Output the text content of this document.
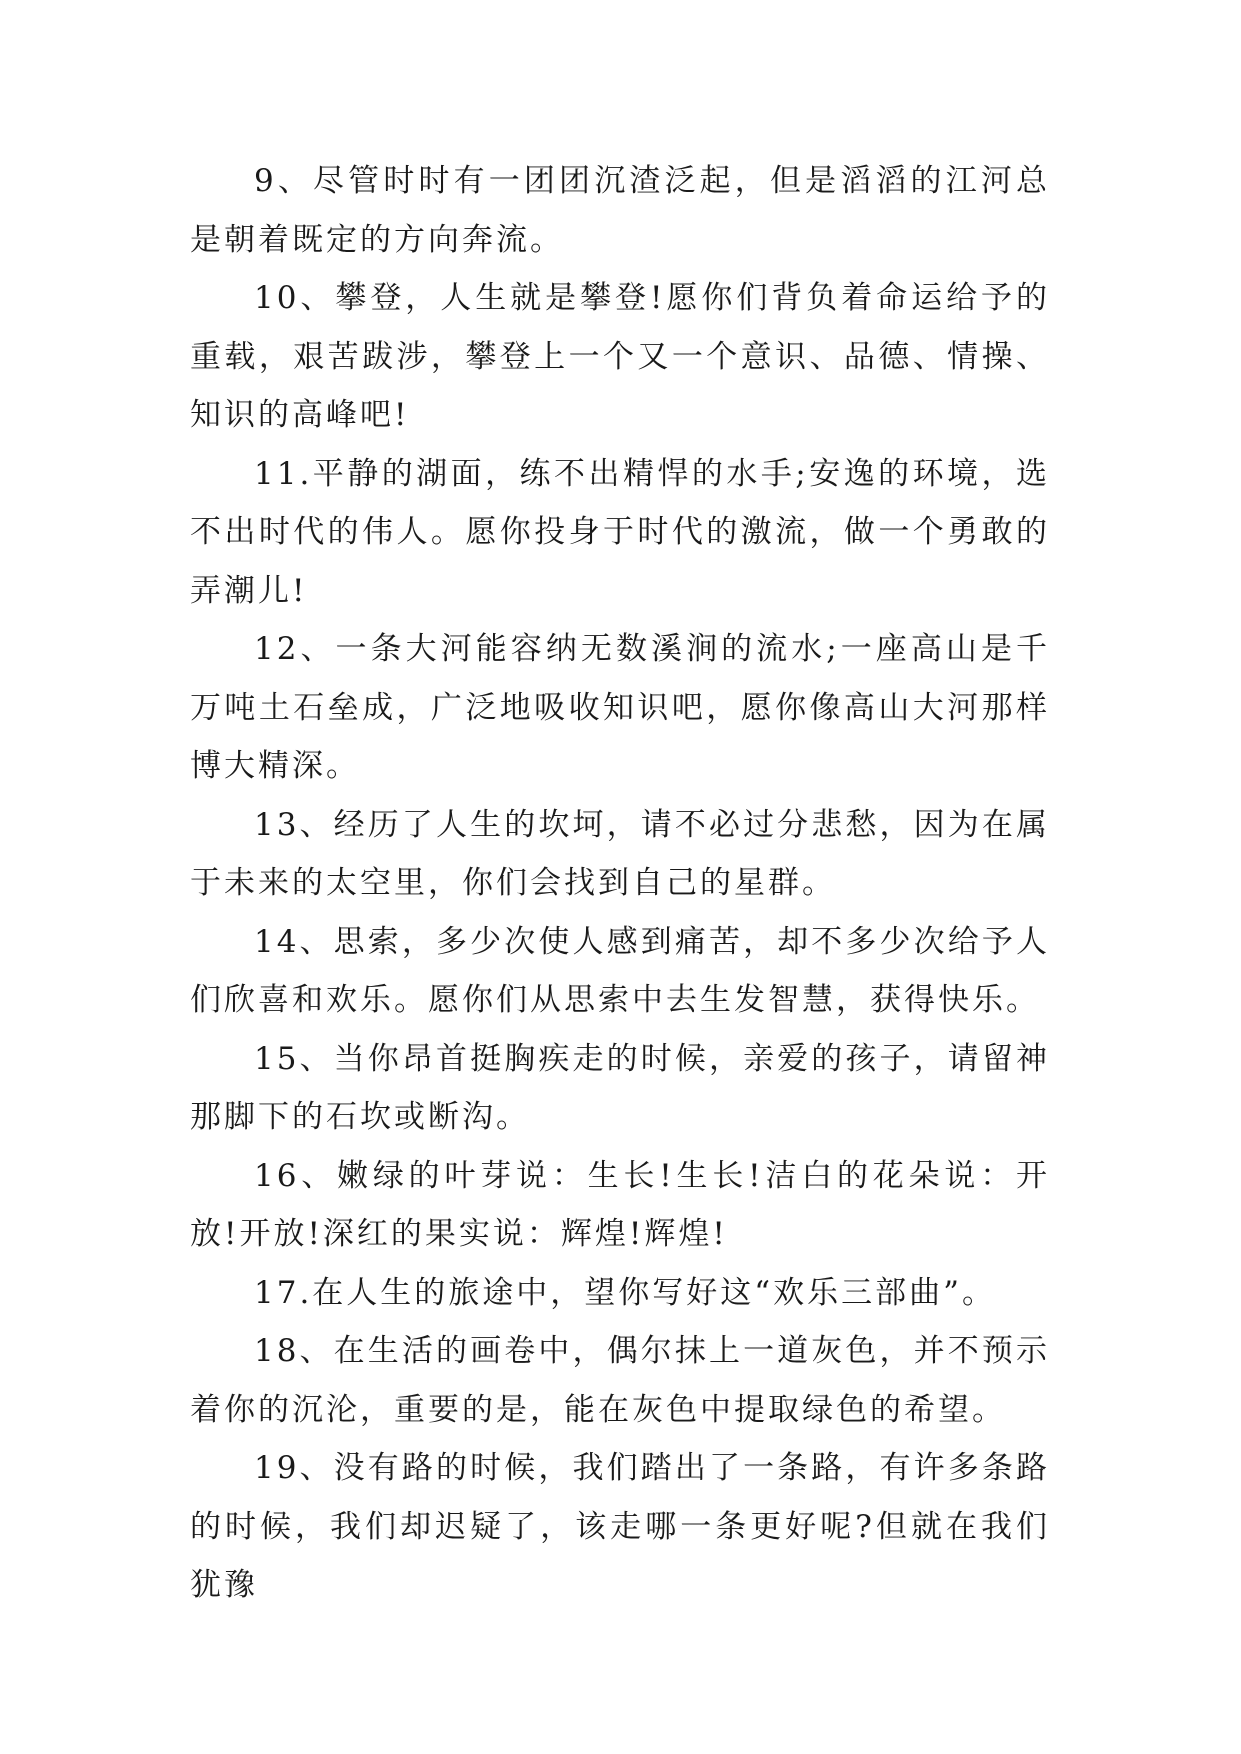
9、尽管时时有一团团沉渣泛起，但是滔滔的江河总是朝着既定的方向奔流。

10、攀登，人生就是攀登!愿你们背负着命运给予的重载，艰苦跋涉，攀登上一个又一个意识、品德、情操、知识的高峰吧!

11.平静的湖面，练不出精悍的水手;安逸的环境，选不出时代的伟人。愿你投身于时代的激流，做一个勇敢的弄潮儿!

12、一条大河能容纳无数溪涧的流水;一座高山是千万吨土石垒成，广泛地吸收知识吧，愿你像高山大河那样博大精深。

13、经历了人生的坎坷，请不必过分悲愁，因为在属于未来的太空里，你们会找到自己的星群。

14、思索，多少次使人感到痛苦，却不多少次给予人们欣喜和欢乐。愿你们从思索中去生发智慧，获得快乐。

15、当你昂首挺胸疾走的时候，亲爱的孩子，请留神那脚下的石坎或断沟。

16、嫩绿的叶芽说：生长!生长!洁白的花朵说：开放!开放!深红的果实说：辉煌!辉煌!

17.在人生的旅途中，望你写好这“欢乐三部曲”。

18、在生活的画卷中，偶尔抹上一道灰色，并不预示着你的沉沦，重要的是，能在灰色中提取绿色的希望。

19、没有路的时候，我们踏出了一条路，有许多条路的时候，我们却迟疑了，该走哪一条更好呢?但就在我们犹豫
